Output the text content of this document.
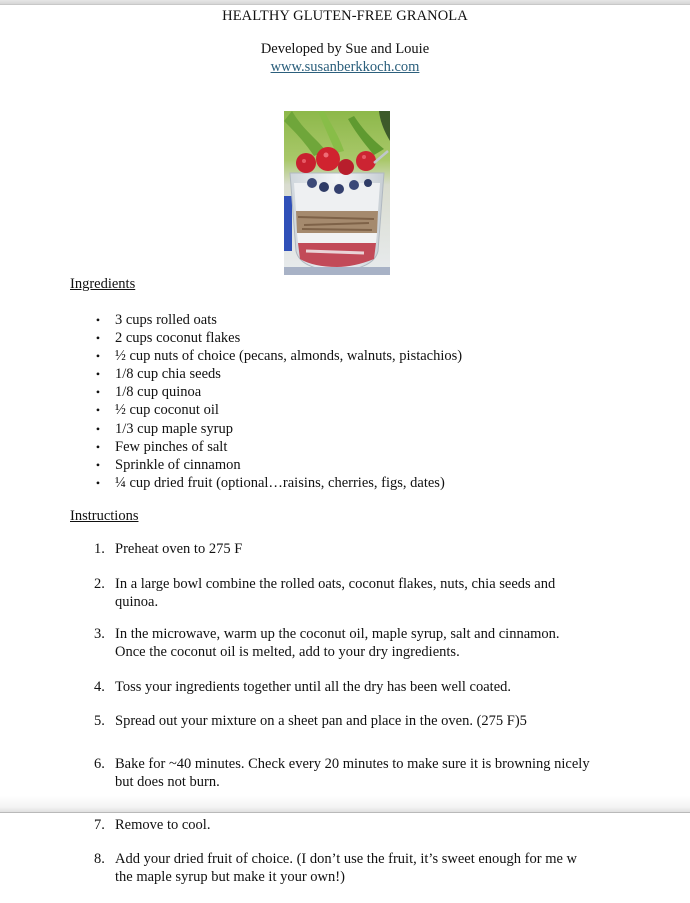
HEALTHY GLUTEN-FREE GRANOLA
Developed by Sue and Louie
www.susanberkkoch.com
Ingredients
• 3 cups rolled oats
• 2 cups coconut flakes
• ½ cup nuts of choice (pecans, almonds, walnuts, pistachios)
• 1/8 cup chia seeds
• 1/8 cup quinoa
• ½ cup coconut oil
• 1/3 cup maple syrup
• Few pinches of salt
• Sprinkle of cinnamon
• ¼ cup dried fruit (optional…raisins, cherries, figs, dates)
Instructions
1. Preheat oven to 275 F
2. In a large bowl combine the rolled oats, coconut flakes, nuts, chia seeds and
quinoa.
3. In the microwave, warm up the coconut oil, maple syrup, salt and cinnamon.
Once the coconut oil is melted, add to your dry ingredients.
4. Toss your ingredients together until all the dry has been well coated.
5. Spread out your mixture on a sheet pan and place in the oven. (275 F)5
6. Bake for ~40 minutes. Check every 20 minutes to make sure it is browning nicely
but does not burn.
7. Remove to cool.
8. Add your dried fruit of choice. (I don’t use the fruit, it’s sweet enough for me w
the maple syrup but make it your own!)
